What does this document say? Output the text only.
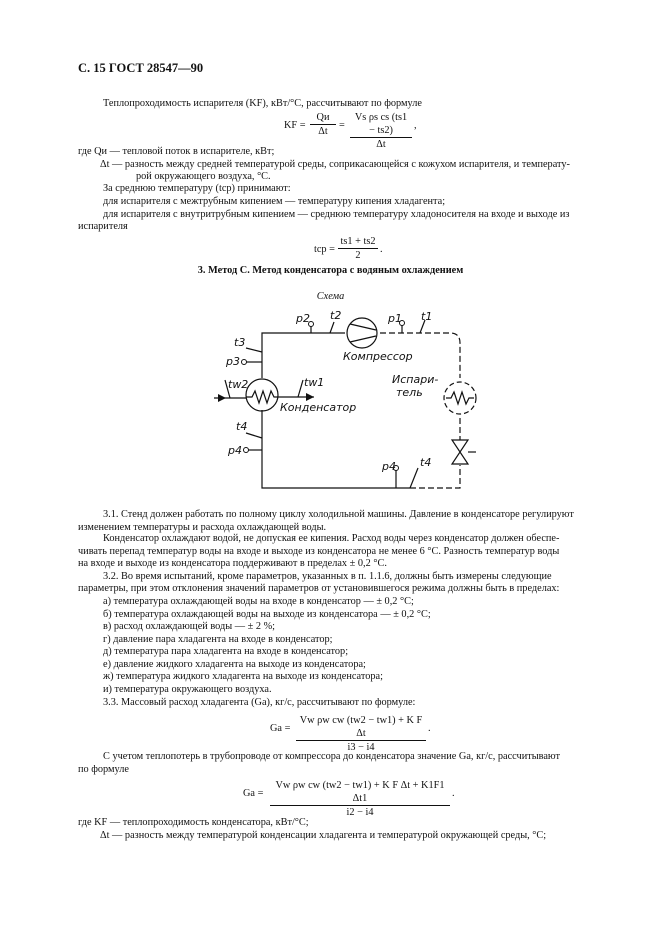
С. 15 ГОСТ 28547—90
Теплопроходимость испарителя (KF), кВт/°C, рассчитывают по формуле
KF =
Qи
Δt
= $\frac{\text{Vs ρs cs (ts1 − ts2)}}{\Delta t}$ ,
где Qи — тепловой поток в испарителе, кВт;
Δt — разность между средней температурой среды, соприкасающейся с кожухом испарителя, и температу-
рой окружающего воздуха, °C.
За среднюю температуру (tср) принимают:
для испарителя с межтрубным кипением — температуру кипения хладагента;
для испарителя с внутритрубным кипением — среднюю температуру хладоносителя на входе и выходе из
испарителя
tср = $\frac{ts1 + ts2}{2}$ .
3. Метод С. Метод конденсатора с водяным охлаждением
Схема
p2 t2	p1 t1
t3
p3
tw2	tw1
t4
p4
p4 t4
Компрессор
Конденсатор
Испари-
тель
3.1. Стенд должен работать по полному циклу холодильной машины. Давление в конденсаторе регулируют
изменением температуры и расхода охлаждающей воды.
Конденсатор охлаждают водой, не допуская ее кипения. Расход воды через конденсатор должен обеспе-
чивать перепад температур воды на входе и выходе из конденсатора не менее 6 °C. Разность температур воды
на входе и выходе из конденсатора поддерживают в пределах ± 0,2 °C.
3.2. Во время испытаний, кроме параметров, указанных в п. 1.1.6, должны быть измерены следующие
параметры, при этом отклонения значений параметров от установившегося режима должны быть в пределах:
а) температура охлаждающей воды на входе в конденсатор — ± 0,2 °C;
б) температура охлаждающей воды на выходе из конденсатора — ± 0,2 °C;
в) расход охлаждающей воды — ± 2 %;
г) давление пара хладагента на входе в конденсатор;
д) температура пара хладагента на входе в конденсатор;
е) давление жидкого хладагента на выходе из конденсатора;
ж) температура жидкого хладагента на выходе из конденсатора;
и) температура окружающего воздуха.
3.3. Массовый расход хладагента (Gа), кг/с, рассчитывают по формуле:
Gа = $\frac{\text{Vw ρw cw (tw2 − tw1) + K F Δt}}{i3 - i4}$ .
С учетом теплопотерь в трубопроводе от компрессора до конденсатора значение Gа, кг/с, рассчитывают
по формуле
Gа = $\frac{\text{Vw ρw cw (tw2 − tw1) + K F Δt + K1F1 Δt1}}{i2 - i4}$ .
где KF — теплопроходимость конденсатора, кВт/°C;
Δt — разность между температурой конденсации хладагента и температурой окружающей среды, °C;
